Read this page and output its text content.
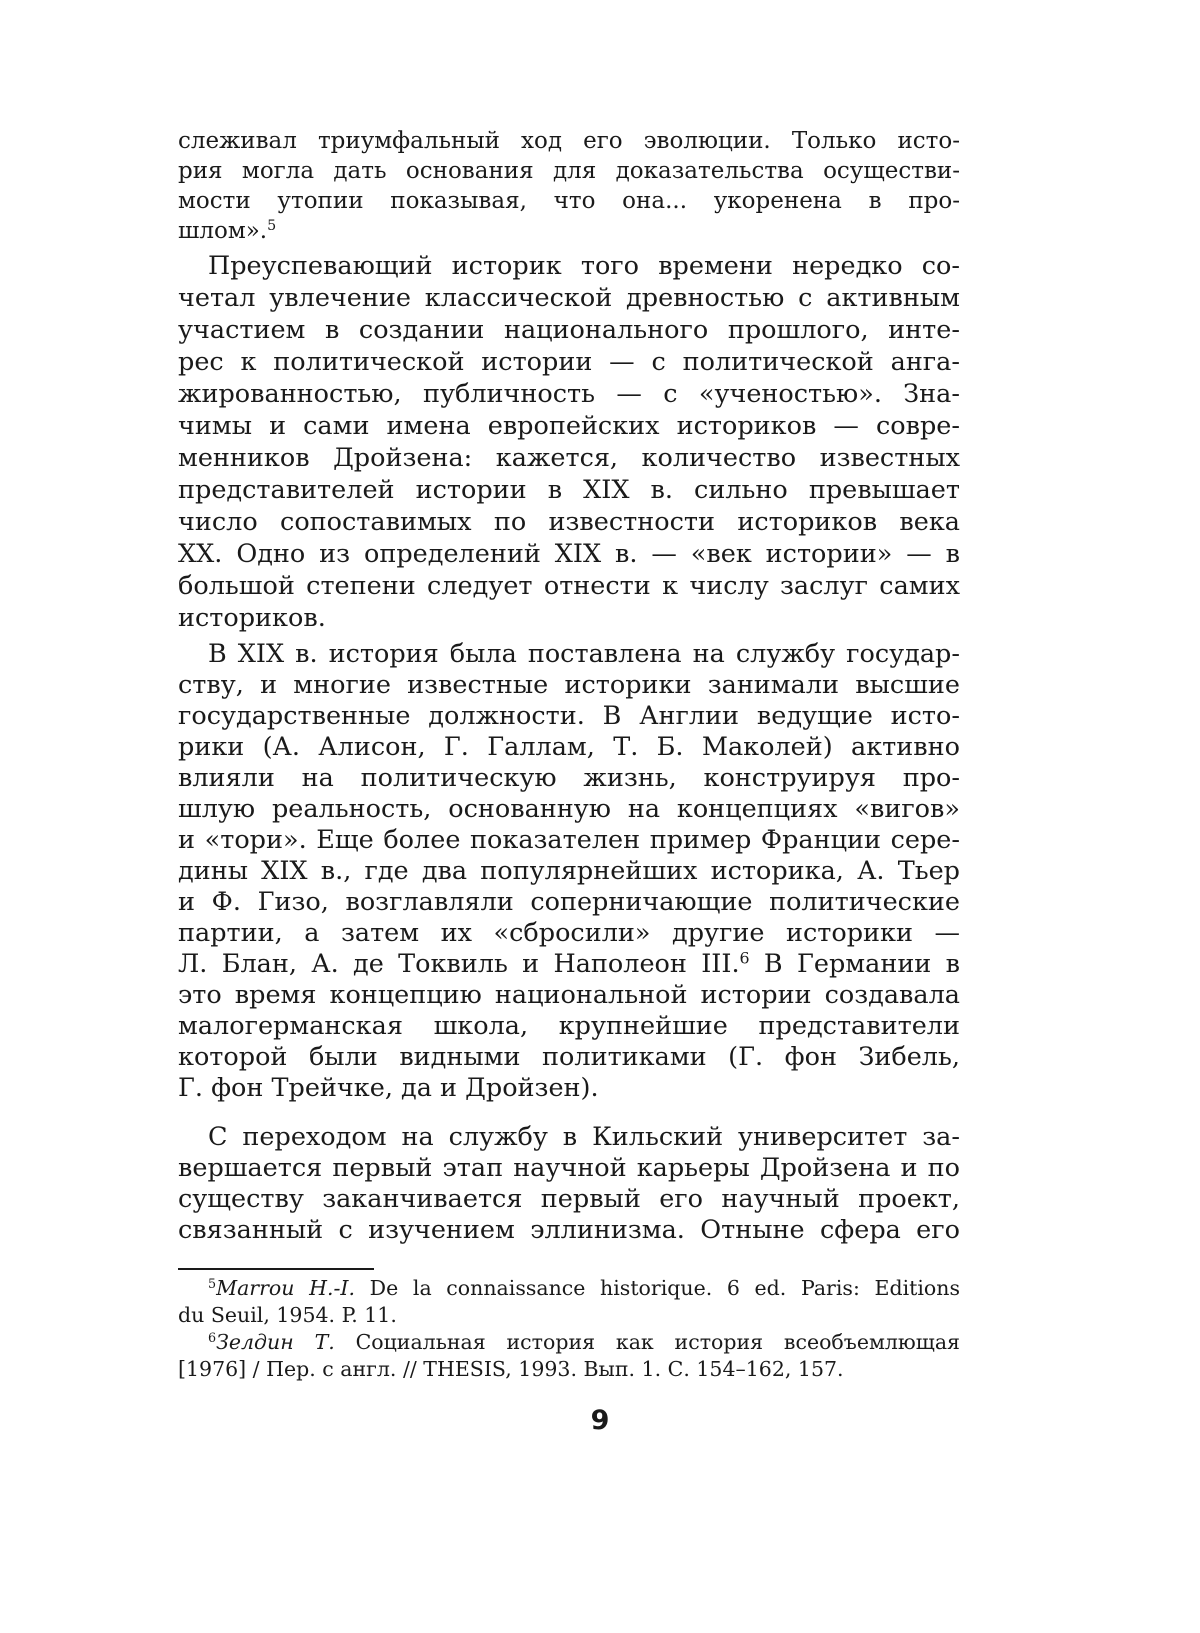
слеживал триумфальный ход его эволюции. Только исто-
рия могла дать основания для доказательства осуществи-
мости утопии показывая, что она... укоренена в про-
шлом».$^5$
Преуспевающий историк того времени нередко со-
четал увлечение классической древностью с активным
участием в создании национального прошлого, инте-
рес к политической истории — с политической анга-
жированностью, публичность — с «ученостью». Зна-
чимы и сами имена европейских историков — совре-
менников Дройзена: кажется, количество известных
представителей истории в XIX в. сильно превышает
число сопоставимых по известности историков века
XX. Одно из определений XIX в. — «век истории» — в
большой степени следует отнести к числу заслуг самих
историков.
В XIX в. история была поставлена на службу государ-
ству, и многие известные историки занимали высшие
государственные должности. В Англии ведущие исто-
рики (А. Алисон, Г. Галлам, Т. Б. Маколей) активно
влияли на политическую жизнь, конструируя про-
шлую реальность, основанную на концепциях «вигов»
и «тори». Еще более показателен пример Франции сере-
дины XIX в., где два популярнейших историка, А. Тьер
и Ф. Гизо, возглавляли соперничающие политические
партии, а затем их «сбросили» другие историки —
Л. Блан, А. де Токвиль и Наполеон III.$^6$ В Германии в
это время концепцию национальной истории создавала
малогерманская школа, крупнейшие представители
которой были видными политиками (Г. фон Зибель,
Г. фон Трейчке, да и Дройзен).
С переходом на службу в Кильский университет за-
вершается первый этап научной карьеры Дройзена и по
существу заканчивается первый его научный проект,
связанный с изучением эллинизма. Отныне сфера его
$^5$Marrou H.-I. De la connaissance historique. 6 ed. Paris: Editions
du Seuil, 1954. P. 11.
$^6$Зелдин Т. Социальная история как история всеобъемлющая
[1976] / Пер. с англ. // THESIS, 1993. Вып. 1. С. 154–162, 157.
9
